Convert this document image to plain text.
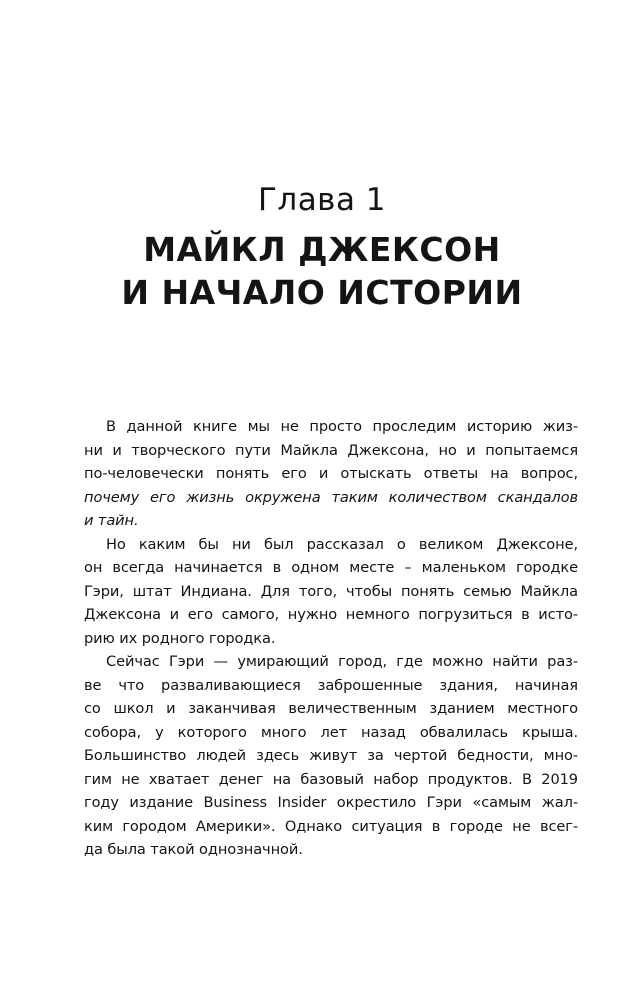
Глава 1
МАЙКЛ ДЖЕКСОН
И НАЧАЛО ИСТОРИИ

В данной книге мы не просто проследим историю жиз-
ни и творческого пути Майкла Джексона, но и попытаемся
по-человечески понять его и отыскать ответы на вопрос,
почему его жизнь окружена таким количеством скандалов
и тайн.

Но каким бы ни был рассказал о великом Джексоне,
он всегда начинается в одном месте – маленьком городке
Гэри, штат Индиана. Для того, чтобы понять семью Майкла
Джексона и его самого, нужно немного погрузиться в исто-
рию их родного городка.

Сейчас Гэри — умирающий город, где можно найти раз-
ве что разваливающиеся заброшенные здания, начиная
со школ и заканчивая величественным зданием местного
собора, у которого много лет назад обвалилась крыша.
Большинство людей здесь живут за чертой бедности, мно-
гим не хватает денег на базовый набор продуктов. В 2019
году издание Business Insider окрестило Гэри «самым жал-
ким городом Америки». Однако ситуация в городе не всег-
да была такой однозначной.
